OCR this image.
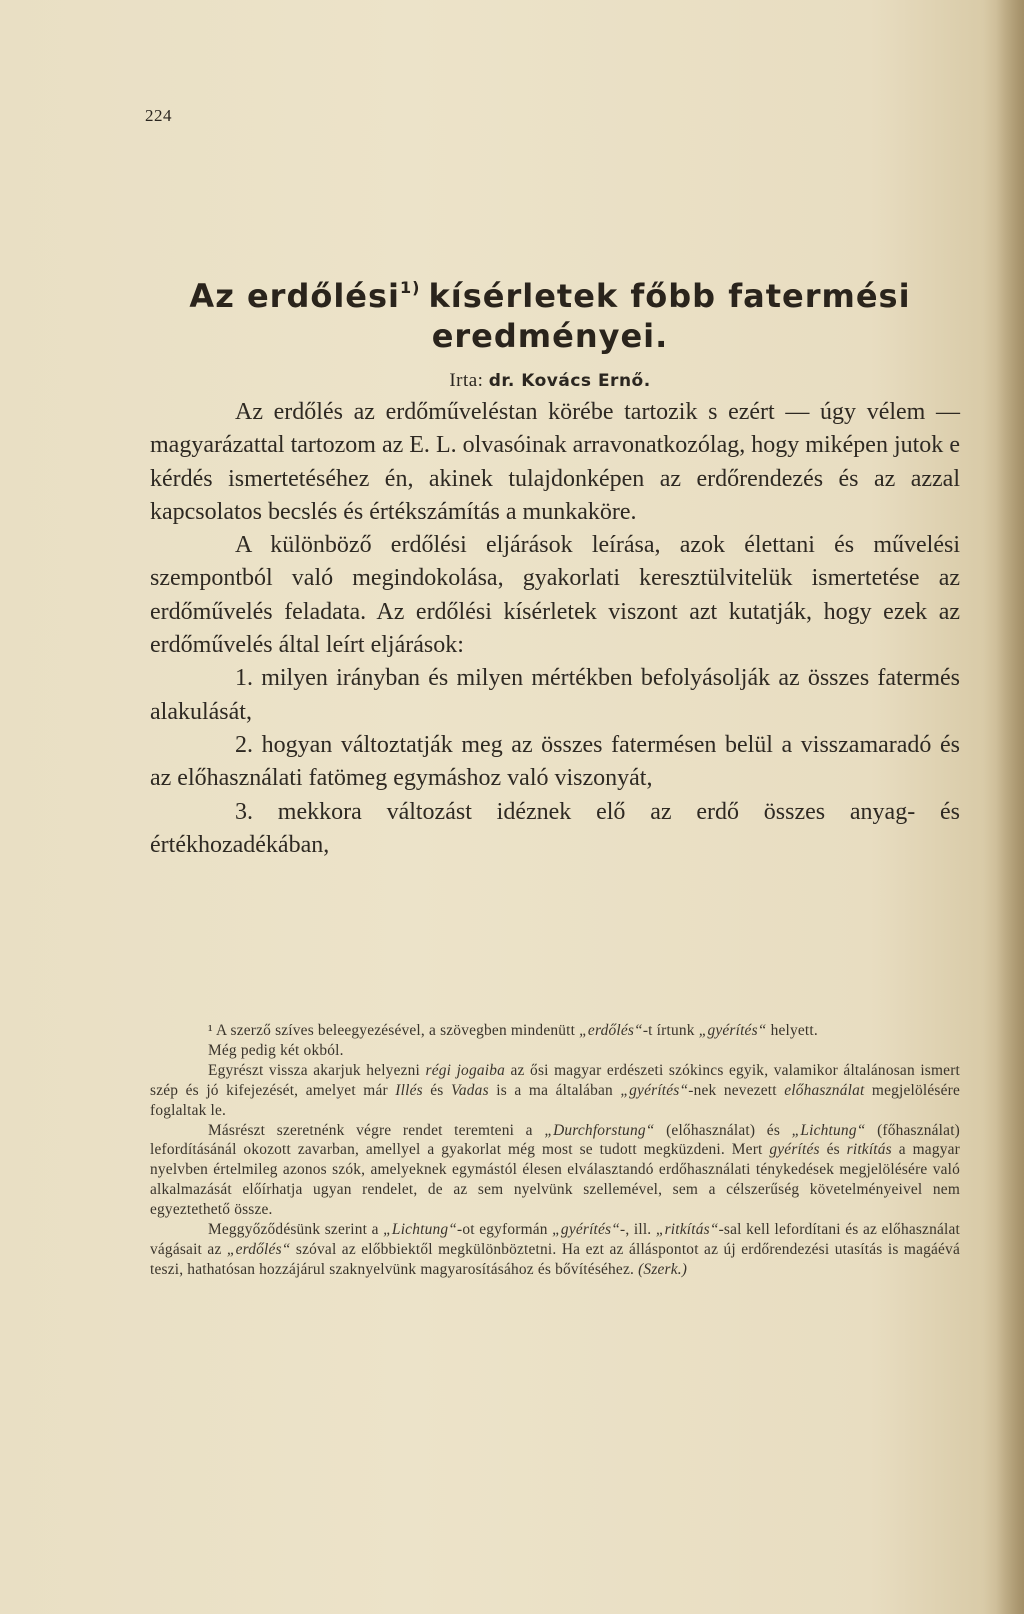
224
Az erdőlési$^{1)}$ kísérletek főbb fatermési
eredményei.
Irta: dr. Kovács Ernő.

Az erdőlés az erdőműveléstan körébe tartozik s ezért — úgy vélem — magyarázattal tartozom az E. L. olvasóinak arravonatkozólag, hogy miképen jutok e kérdés ismertetéséhez én, akinek tulajdonképen az erdőrendezés és az azzal kapcsolatos becslés és értékszámítás a munkaköre.

A különböző erdőlési eljárások leírása, azok élettani és művelési szempontból való megindokolása, gyakorlati keresztülvitelük ismertetése az erdőművelés feladata. Az erdőlési kísérletek viszont azt kutatják, hogy ezek az erdőművelés által leírt eljárások:

1. milyen irányban és milyen mértékben befolyásolják az összes fatermés alakulását,

2. hogyan változtatják meg az összes fatermésen belül a visszamaradó és az előhasználati fatömeg egymáshoz való viszonyát,

3. mekkora változást idéznek elő az erdő összes anyag- és értékhozadékában,

¹ A szerző szíves beleegyezésével, a szövegben mindenütt „erdőlés“-t írtunk „gyérítés“ helyett.

Még pedig két okból.

Egyrészt vissza akarjuk helyezni régi jogaiba az ősi magyar erdészeti szókincs egyik, valamikor általánosan ismert szép és jó kifejezését, amelyet már Illés és Vadas is a ma általában „gyérítés“-nek nevezett előhasználat megjelölésére foglaltak le.

Másrészt szeretnénk végre rendet teremteni a „Durchforstung“ (előhasználat) és „Lichtung“ (főhasználat) lefordításánál okozott zavarban, amellyel a gyakorlat még most se tudott megküzdeni. Mert gyérítés és ritkítás a magyar nyelvben értelmileg azonos szók, amelyeknek egymástól élesen elválasztandó erdőhasználati ténykedések megjelölésére való alkalmazását előírhatja ugyan rendelet, de az sem nyelvünk szellemével, sem a célszerűség követelményeivel nem egyeztethető össze.

Meggyőződésünk szerint a „Lichtung“-ot egyformán „gyérítés“-, ill. „ritkítás“-sal kell lefordítani és az előhasználat vágásait az „erdőlés“ szóval az előbbiektől megkülönböztetni. Ha ezt az álláspontot az új erdőrendezési utasítás is magáévá teszi, hathatósan hozzájárul szaknyelvünk magyarosításához és bővítéséhez. (Szerk.)
